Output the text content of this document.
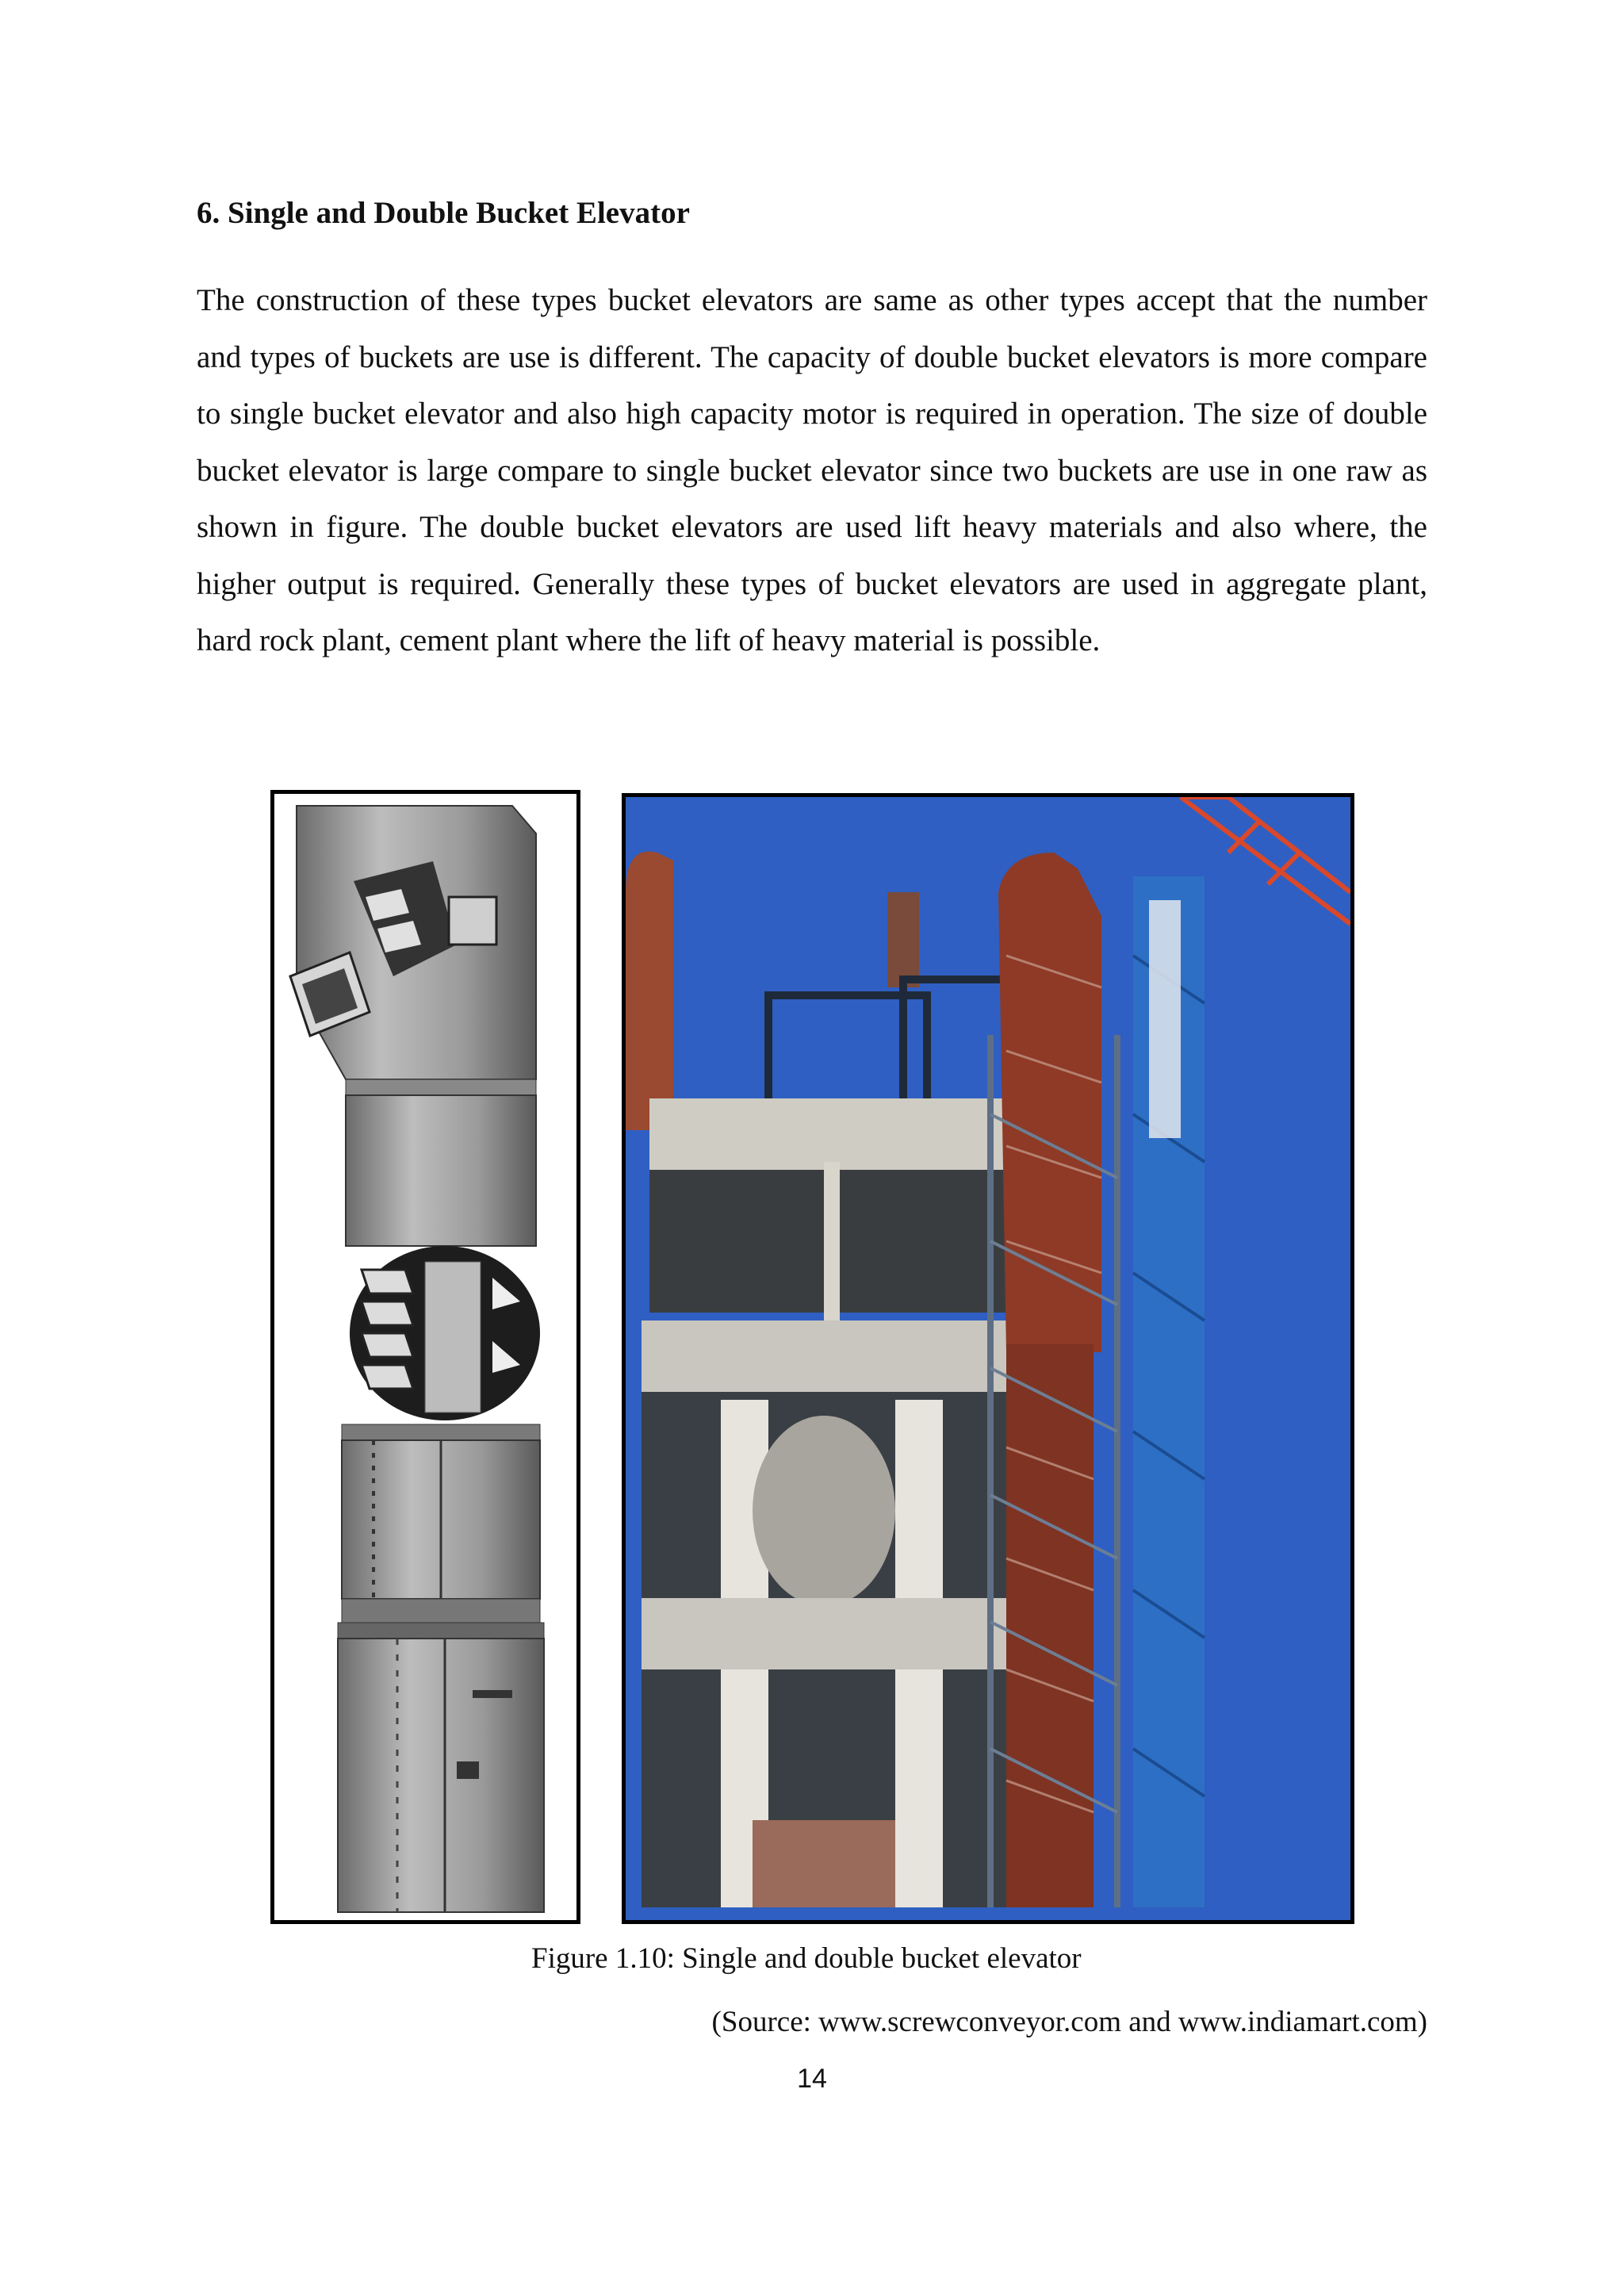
6. Single and Double Bucket Elevator

The construction of these types bucket elevators are same as other types accept that the number and types of buckets are use is different. The capacity of double bucket elevators is more compare to single bucket elevator and also high capacity motor is required in operation. The size of double bucket elevator is large compare to single bucket elevator since two buckets are use in one raw as shown in figure. The double bucket elevators are used lift heavy materials and also where, the higher output is required. Generally these types of bucket elevators are used in aggregate plant, hard rock plant, cement plant where the lift of heavy material is possible.

Figure 1.10: Single and double bucket elevator

(Source: www.screwconveyor.com and www.indiamart.com)

14
